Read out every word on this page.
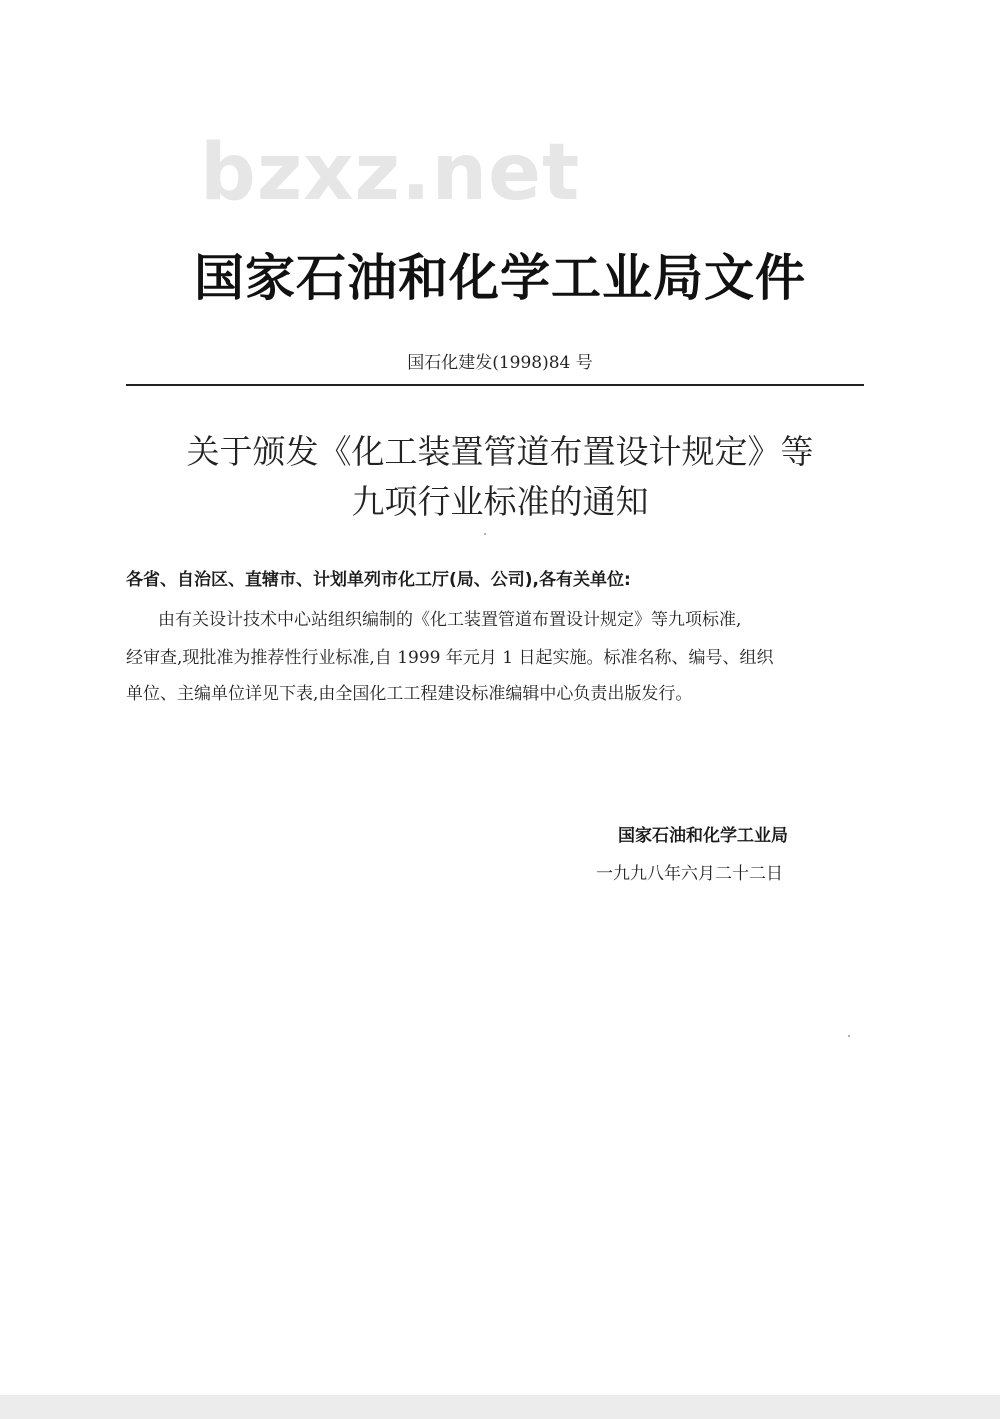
bzxz.net
国家石油和化学工业局文件
国石化建发(1998)84 号
关于颁发《化工装置管道布置设计规定》等
九项行业标准的通知
各省、自治区、直辖市、计划单列市化工厅(局、公司),各有关单位:
由有关设计技术中心站组织编制的《化工装置管道布置设计规定》等九项标准,
经审查,现批准为推荐性行业标准,自 1999 年元月 1 日起实施。标准名称、编号、组织
单位、主编单位详见下表,由全国化工工程建设标准编辑中心负责出版发行。
国家石油和化学工业局
一九九八年六月二十二日
